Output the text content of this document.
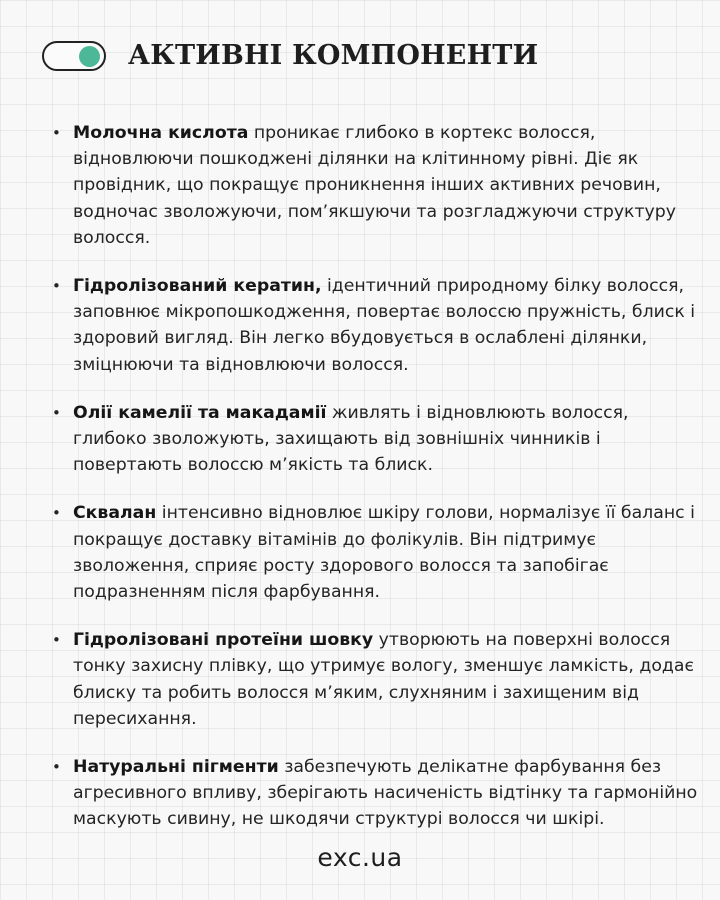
АКТИВНІ КОМПОНЕНТИ
• Молочна кислота проникає глибоко в кортекс волосся, відновлюючи пошкоджені ділянки на клітинному рівні. Діє як провідник, що покращує проникнення інших активних речовин, водночас зволожуючи, пом’якшуючи та розгладжуючи структуру волосся.
• Гідролізований кератин, ідентичний природному білку волосся, заповнює мікропошкодження, повертає волоссю пружність, блиск і здоровий вигляд. Він легко вбудовується в ослаблені ділянки, зміцнюючи та відновлюючи волосся.
• Олії камелії та макадамії живлять і відновлюють волосся, глибоко зволожують, захищають від зовнішніх чинників і повертають волоссю м’якість та блиск.
• Сквалан інтенсивно відновлює шкіру голови, нормалізує її баланс і покращує доставку вітамінів до фолікулів. Він підтримує зволоження, сприяє росту здорового волосся та запобігає подразненням після фарбування.
• Гідролізовані протеїни шовку утворюють на поверхні волосся тонку захисну плівку, що утримує вологу, зменшує ламкість, додає блиску та робить волосся м’яким, слухняним і захищеним від пересихання.
• Натуральні пігменти забезпечують делікатне фарбування без агресивного впливу, зберігають насиченість відтінку та гармонійно маскують сивину, не шкодячи структурі волосся чи шкірі.
exc.ua
